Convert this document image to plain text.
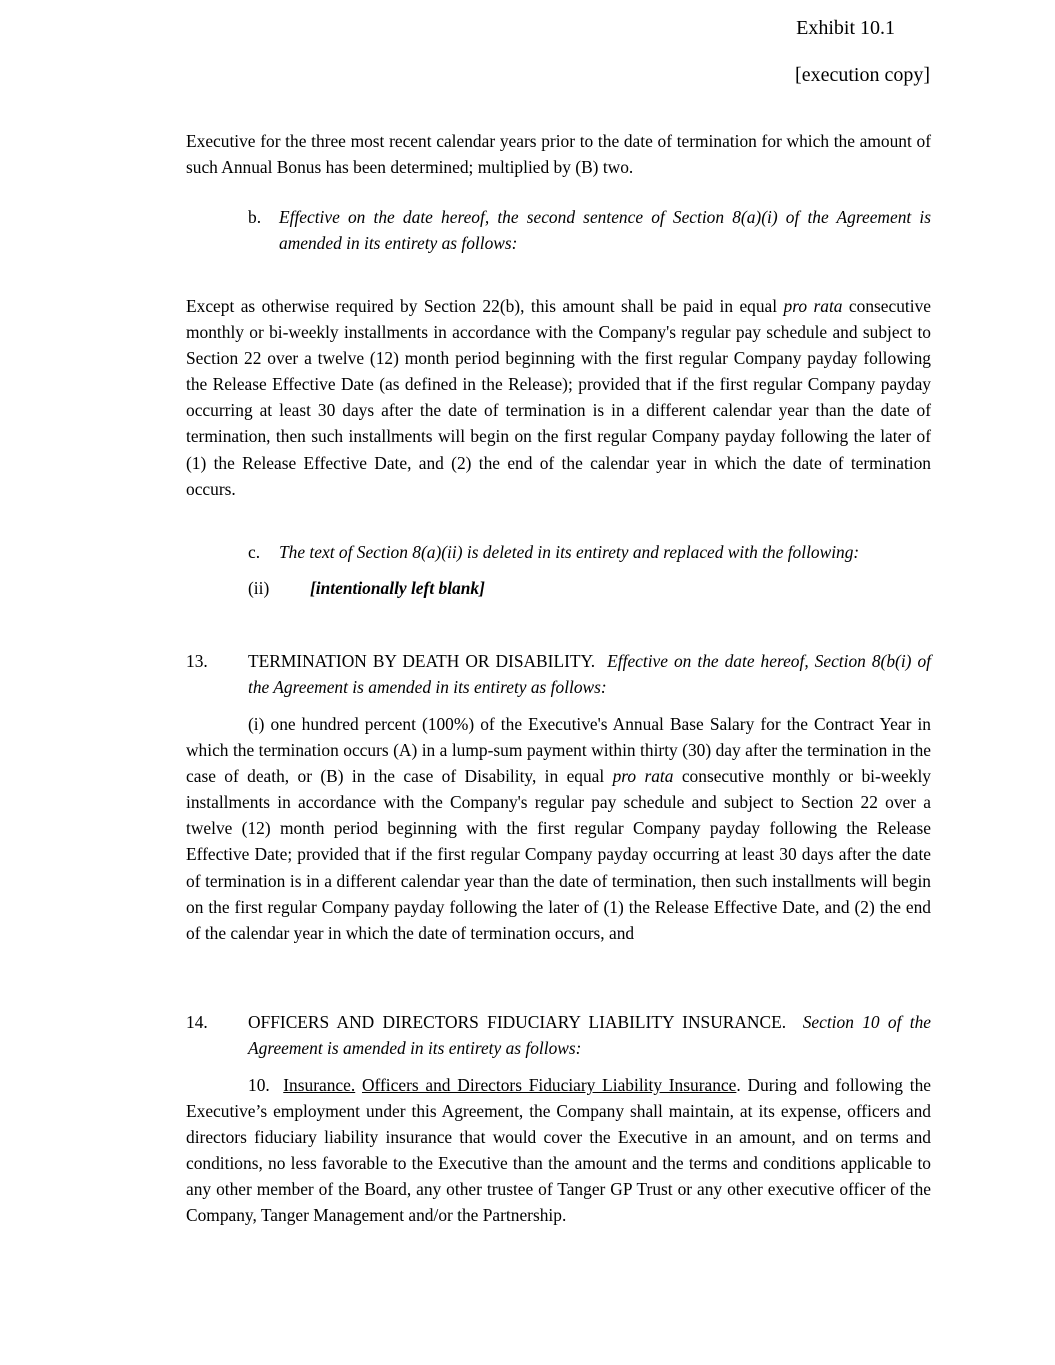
Exhibit 10.1
[execution copy]
Executive for the three most recent calendar years prior to the date of termination for which the amount of such Annual Bonus has been determined; multiplied by (B) two.
b. Effective on the date hereof, the second sentence of Section 8(a)(i) of the Agreement is amended in its entirety as follows:
Except as otherwise required by Section 22(b), this amount shall be paid in equal pro rata consecutive monthly or bi-weekly installments in accordance with the Company's regular pay schedule and subject to Section 22 over a twelve (12) month period beginning with the first regular Company payday following the Release Effective Date (as defined in the Release); provided that if the first regular Company payday occurring at least 30 days after the date of termination is in a different calendar year than the date of termination, then such installments will begin on the first regular Company payday following the later of (1) the Release Effective Date, and (2) the end of the calendar year in which the date of termination occurs.
c. The text of Section 8(a)(ii) is deleted in its entirety and replaced with the following:
(ii) [intentionally left blank]
13. TERMINATION BY DEATH OR DISABILITY. Effective on the date hereof, Section 8(b(i) of the Agreement is amended in its entirety as follows:
(i) one hundred percent (100%) of the Executive's Annual Base Salary for the Contract Year in which the termination occurs (A) in a lump-sum payment within thirty (30) day after the termination in the case of death, or (B) in the case of Disability, in equal pro rata consecutive monthly or bi-weekly installments in accordance with the Company's regular pay schedule and subject to Section 22 over a twelve (12) month period beginning with the first regular Company payday following the Release Effective Date; provided that if the first regular Company payday occurring at least 30 days after the date of termination is in a different calendar year than the date of termination, then such installments will begin on the first regular Company payday following the later of (1) the Release Effective Date, and (2) the end of the calendar year in which the date of termination occurs, and
14. OFFICERS AND DIRECTORS FIDUCIARY LIABILITY INSURANCE. Section 10 of the Agreement is amended in its entirety as follows:
10. Insurance. Officers and Directors Fiduciary Liability Insurance. During and following the Executive’s employment under this Agreement, the Company shall maintain, at its expense, officers and directors fiduciary liability insurance that would cover the Executive in an amount, and on terms and conditions, no less favorable to the Executive than the amount and the terms and conditions applicable to any other member of the Board, any other trustee of Tanger GP Trust or any other executive officer of the Company, Tanger Management and/or the Partnership.
